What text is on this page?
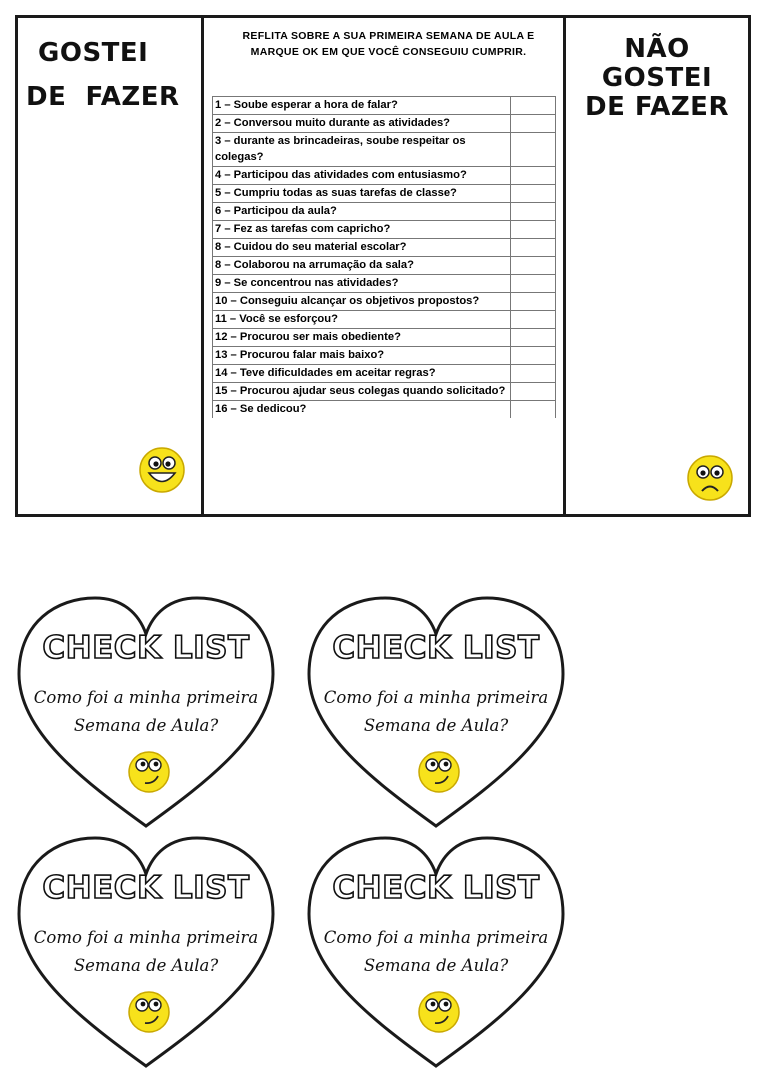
GOSTEI
DE  FAZER
REFLITA SOBRE A SUA PRIMEIRA SEMANA DE AULA E
MARQUE OK EM QUE VOCÊ CONSEGUIU CUMPRIR.
1 – Soube esperar a hora de falar?	
2 – Conversou muito durante as atividades?	
3 – durante as brincadeiras, soube respeitar os colegas?	
4 – Participou das atividades com entusiasmo?	
5 – Cumpriu todas as suas tarefas de classe?	
6 – Participou da aula?	
7 – Fez as tarefas com capricho?	
8 – Cuidou do seu material escolar?	
8 – Colaborou na arrumação da sala?	
9 – Se concentrou nas atividades?	
10 – Conseguiu alcançar os objetivos propostos?	
11 – Você se esforçou?	
12 – Procurou ser mais obediente?	
13 – Procurou falar mais baixo?	
14 – Teve dificuldades em aceitar regras?	
15 – Procurou ajudar seus colegas quando solicitado?	
16 – Se dedicou?	
NÃO
GOSTEI
DE FAZER
CHECK LIST
Como foi a minha primeira
Semana de Aula?
CHECK LIST
Como foi a minha primeira
Semana de Aula?
CHECK LIST
Como foi a minha primeira
Semana de Aula?
CHECK LIST
Como foi a minha primeira
Semana de Aula?
